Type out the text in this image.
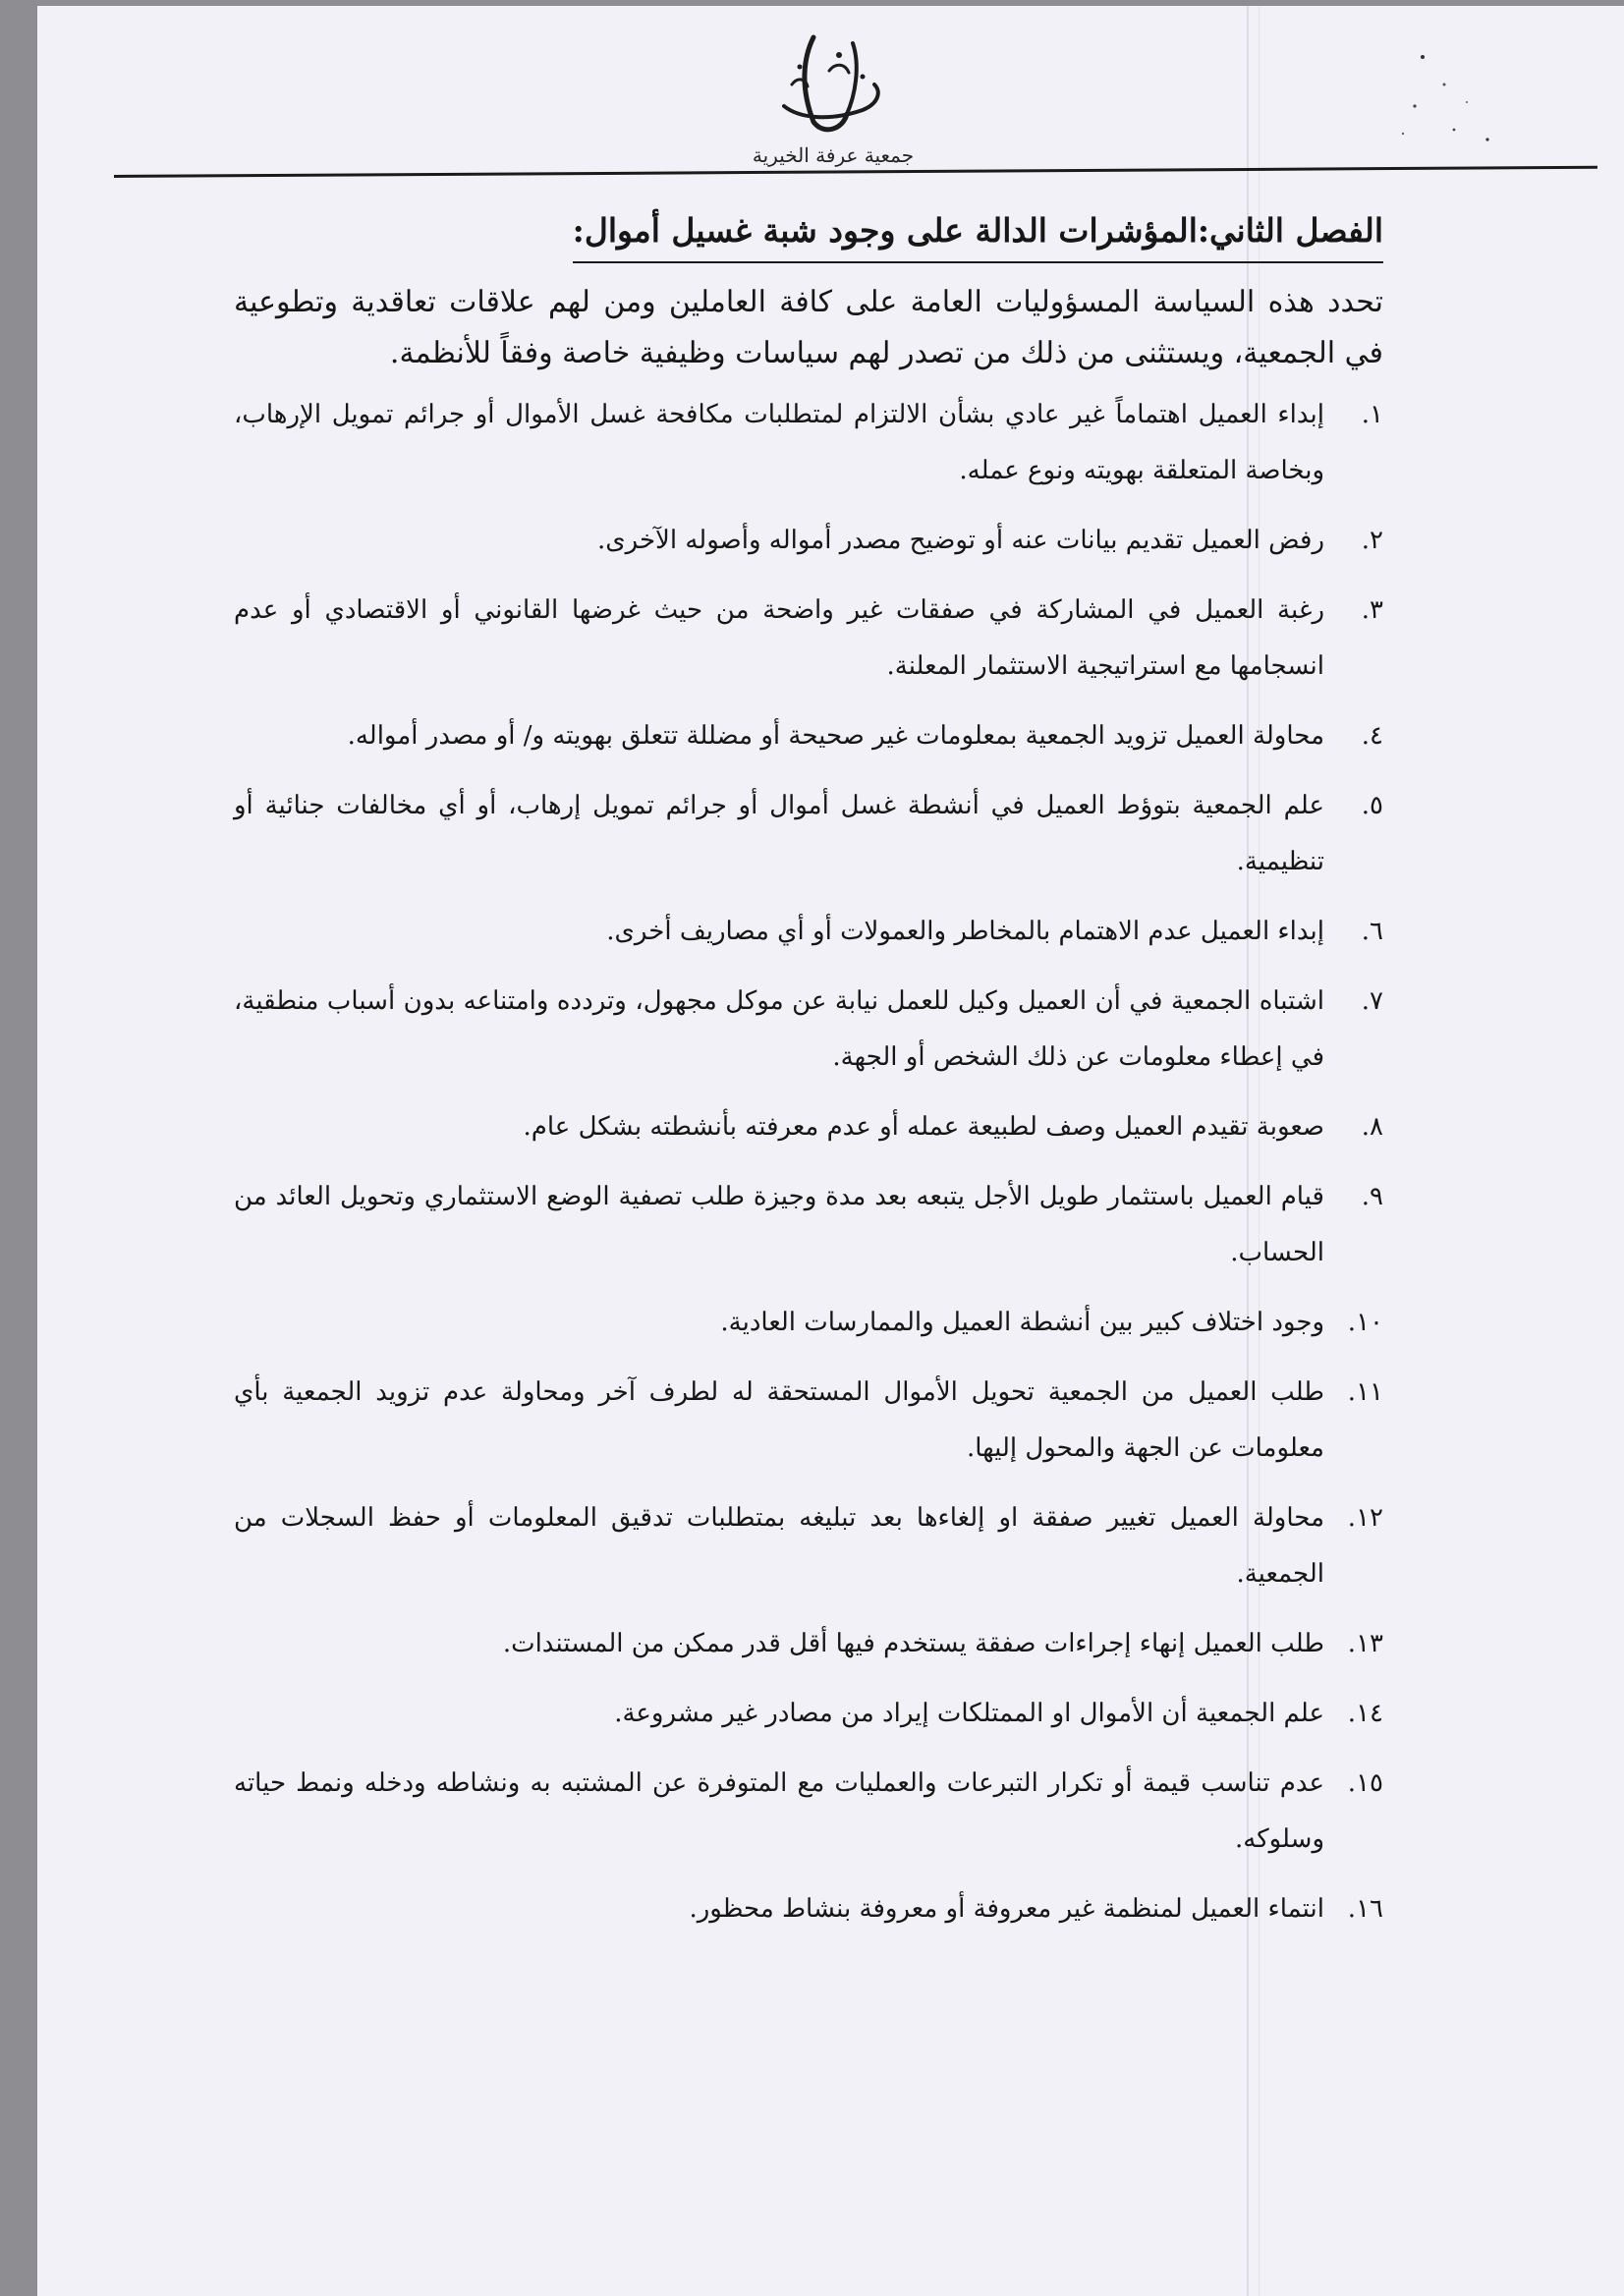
جمعية عرفة الخيرية
الفصل الثاني:المؤشرات الدالة على وجود شبة غسيل أموال:

تحدد هذه السياسة المسؤوليات العامة على كافة العاملين ومن لهم علاقات تعاقدية وتطوعية في الجمعية، ويستثنى من ذلك من تصدر لهم سياسات وظيفية خاصة وفقاً للأنظمة.

١.
إبداء العميل اهتماماً غير عادي بشأن الالتزام لمتطلبات مكافحة غسل الأموال أو جرائم تمويل الإرهاب، وبخاصة المتعلقة بهويته ونوع عمله.
٢.
رفض العميل تقديم بيانات عنه أو توضيح مصدر أمواله وأصوله الآخرى.
٣.
رغبة العميل في المشاركة في صفقات غير واضحة من حيث غرضها القانوني أو الاقتصادي أو عدم انسجامها مع استراتيجية الاستثمار المعلنة.
٤.
محاولة العميل تزويد الجمعية بمعلومات غير صحيحة أو مضللة تتعلق بهويته و/ أو مصدر أمواله.
٥.
علم الجمعية بتوؤط العميل في أنشطة غسل أموال أو جرائم تمويل إرهاب، أو أي مخالفات جنائية أو تنظيمية.
٦.
إبداء العميل عدم الاهتمام بالمخاطر والعمولات أو أي مصاريف أخرى.
٧.
اشتباه الجمعية في أن العميل وكيل للعمل نيابة عن موكل مجهول، وتردده وامتناعه بدون أسباب منطقية، في إعطاء معلومات عن ذلك الشخص أو الجهة.
٨.
صعوبة تقيدم العميل وصف لطبيعة عمله أو عدم معرفته بأنشطته بشكل عام.
٩.
قيام العميل باستثمار طويل الأجل يتبعه بعد مدة وجيزة طلب تصفية الوضع الاستثماري وتحويل العائد من الحساب.
١٠.
وجود اختلاف كبير بين أنشطة العميل والممارسات العادية.
١١.
طلب العميل من الجمعية تحويل الأموال المستحقة له لطرف آخر ومحاولة عدم تزويد الجمعية بأي معلومات عن الجهة والمحول إليها.
١٢.
محاولة العميل تغيير صفقة او إلغاءها بعد تبليغه بمتطلبات تدقيق المعلومات أو حفظ السجلات من الجمعية.
١٣.
طلب العميل إنهاء إجراءات صفقة يستخدم فيها أقل قدر ممكن من المستندات.
١٤.
علم الجمعية أن الأموال او الممتلكات إيراد من مصادر غير مشروعة.
١٥.
عدم تناسب قيمة أو تكرار التبرعات والعمليات مع المتوفرة عن المشتبه به ونشاطه ودخله ونمط حياته وسلوكه.
١٦.
انتماء العميل لمنظمة غير معروفة أو معروفة بنشاط محظور.
